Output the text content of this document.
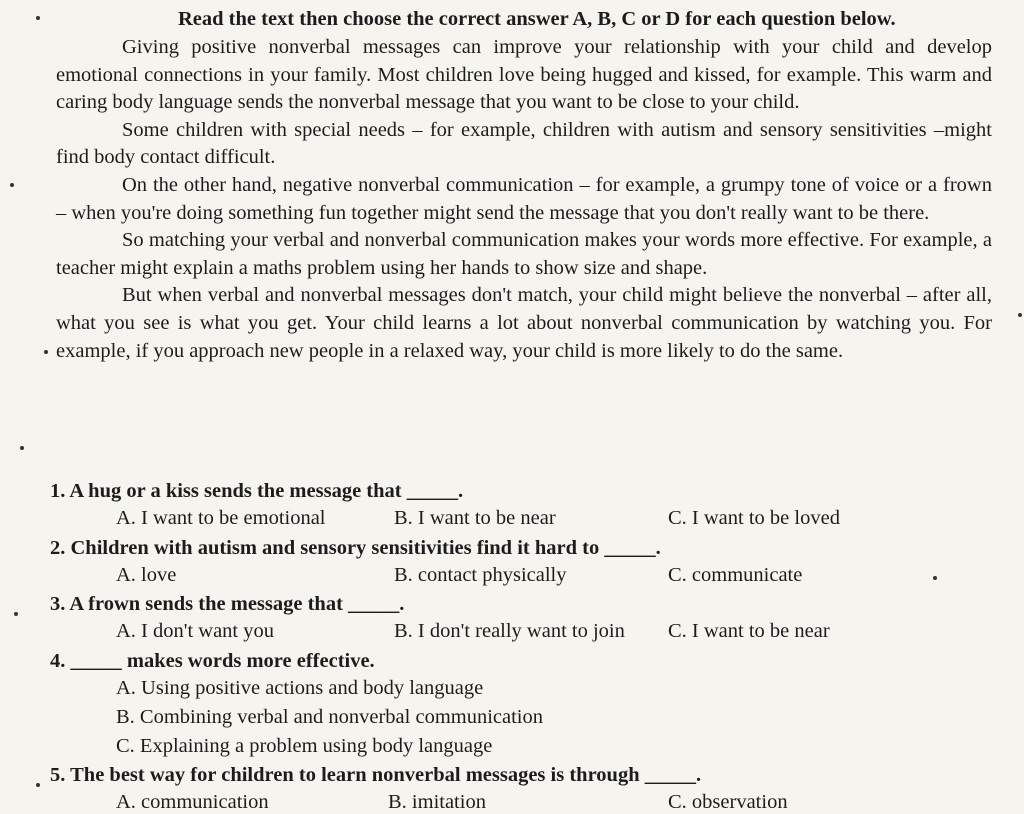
Read the text then choose the correct answer A, B, C or D for each question below.

Giving positive nonverbal messages can improve your relationship with your child and develop emotional connections in your family. Most children love being hugged and kissed, for example. This warm and caring body language sends the nonverbal message that you want to be close to your child.

Some children with special needs – for example, children with autism and sensory sensitivities –might find body contact difficult.

On the other hand, negative nonverbal communication – for example, a grumpy tone of voice or a frown – when you're doing something fun together might send the message that you don't really want to be there.

So matching your verbal and nonverbal communication makes your words more effective. For example, a teacher might explain a maths problem using her hands to show size and shape.

But when verbal and nonverbal messages don't match, your child might believe the nonverbal – after all, what you see is what you get. Your child learns a lot about nonverbal communication by watching you. For example, if you approach new people in a relaxed way, your child is more likely to do the same.

1. A hug or a kiss sends the message that _____.
A. I want to be emotional	B. I want to be near	C. I want to be loved
2. Children with autism and sensory sensitivities find it hard to _____.
A. love	B. contact physically	C. communicate
3. A frown sends the message that _____.
A. I don't want you	B. I don't really want to join C. I want to be near
4. _____ makes words more effective.
A. Using positive actions and body language
B. Combining verbal and nonverbal communication
C. Explaining a problem using body language
5. The best way for children to learn nonverbal messages is through _____.
A. communication	B. imitation	C. observation
